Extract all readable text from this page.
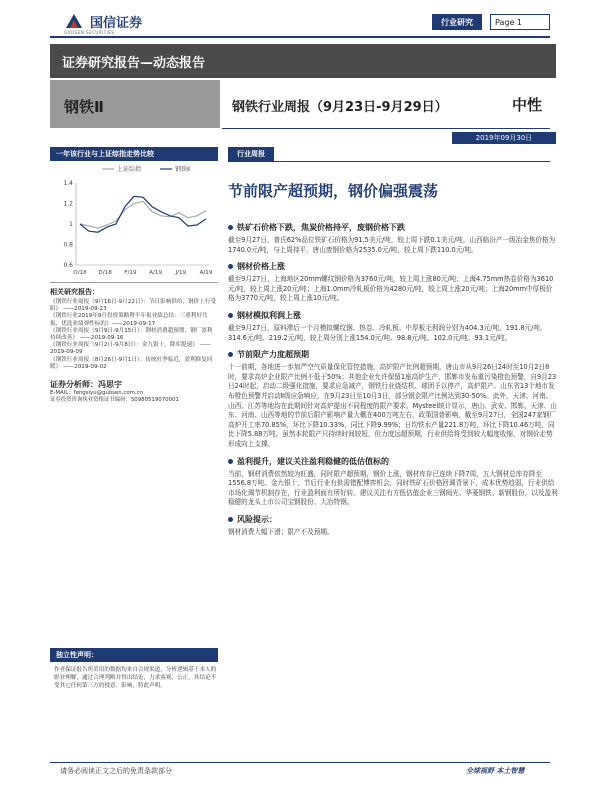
国信证券
GUOSEN SECURITIES
行业研究	Page 1
证券研究报告—动态报告
钢铁Ⅱ	钢铁行业周报（9月23日-9月29日）	中性
2019年09月30日
一年该行业与上证综指走势比较
上证综指	钢铁Ⅱ
1.4
1.2
1
0.8
0.6
O/18 D/18 F/19 A/19 J/19 A/19
相关研究报告：
《钢铁行业周报（9月16日-9月22日）：节日影响供给，钢价上行受阻》 ——2019-09-23
《钢铁行业2019年9月投资策略暨半年报业绩总结：三重利好共振，优选业绩弹性标的》——2019-09-17
《钢铁行业周报（9月9日-9月15日）：钢材消费超预期，钢厂盈利持续改善》 ——2019-09-16
《钢铁行业周报（9月2日-9月8日）：金九银十，降库提速》 ——2019-09-09
《钢铁行业周报（8月26日-9月1日）：传统旺季临近，盈利修复回暖》 ——2019-09-02
证券分析师：冯思宇
E-MAIL：fengsiyu@guosen.com.cn
证券投资咨询执业资格证书编码：S0980519070001
独立性声明：
作者保证报告所采用的数据均来自合规渠道，分析逻辑基于本人的职业理解，通过合理判断并得出结论，力求客观、公正，其结论不受其它任何第三方的授意、影响，特此声明。
行业周报
节前限产超预期，钢价偏强震荡
铁矿石价格下跌，焦炭价格持平，废钢价格下跌
截至9月27日，普氏62%品位铁矿石价格为91.5美元/吨，较上周下跌0.1美元/吨，山西临汾产一级冶金焦价格为1740.0元/吨，与上周持平，唐山废钢价格为2535.0元/吨，较上周下跌110.0元/吨。
钢材价格上涨
截至9月27日，上海地区20mm螺纹钢价格为3760元/吨，较上周上涨80元/吨；上海4.75mm热卷价格为3610元/吨，较上周上涨20元/吨；上海1.0mm冷轧板价格为4280元/吨，较上周上涨20元/吨；上海20mm中厚板价格为3770元/吨，较上周上涨10元/吨。
钢材模拟利润上涨
截至9月27日，原料滞后一个月模拟螺纹钢、热卷、冷轧板、中厚板毛利润分别为404.3元/吨、191.8元/吨、314.6元/吨、219.2元/吨，较上周分别上涨154.0元/吨、98.8元/吨、102.0元/吨、93.1元/吨。
节前限产力度超预期
十一前期，各地进一步加严空气质量保化管控措施，高炉限产比例超预期，唐山市从9月26日24时至10月2日8时，要求高炉企业限产比例不低于50%；其他企业允许保留1座高炉生产，邯郸市发布重污染橙色预警，自9月23日24时起，启动二级强化措施，要求应急减产，钢铁行业烧结机、球团予以停产，高炉限产。山东省13个地市发布橙色预警并启动Ⅱ级应急响应，在9月23日至10月3日，部分钢企限产比例达到30-50%。此外，天津、河南、山西、江苏等地均在此期间针对高炉提出不同程度的限产要求。Mysteel统计显示，唐山、武安、邯郸、天津、山东、河南、山西等地的节前后限产影响产量大概在400万吨左右，政策国普影响，截至9月27日，全国247家钢厂高炉开工率70.85%，环比下降10.33%，同比下降9.99%；日均铁水产量221.8万吨，环比下降10.46万吨，同比下降5.88万吨。虽然本轮限产只持续时间较短，但力度远超预期，行业供给将受到较大幅度收缩，对钢价走势形成向上支撑。
盈利提升，建议关注盈利稳健的低估值标的
当前，钢材消费依然较为旺盛，同时限产超预期，钢价上涨，钢材库存已连续下降7周，五大钢材总库存降至1556.8万吨。金九银十，节后行业有供需错配博弈机会，同时铁矿石价格回调背景下，成本优势趋弱，行业供给市场化调节机制存在，行业盈利面有所好转。建议关注有方低估值企业三钢闽光、华菱钢铁、新钢股份，以及盈利稳健的龙头上市公司宝钢股份、大冶特钢。
风险提示：
钢材消费大幅下滑；限产不及预期。
请务必阅读正文之后的免责条款部分	全球视野 本土智慧
